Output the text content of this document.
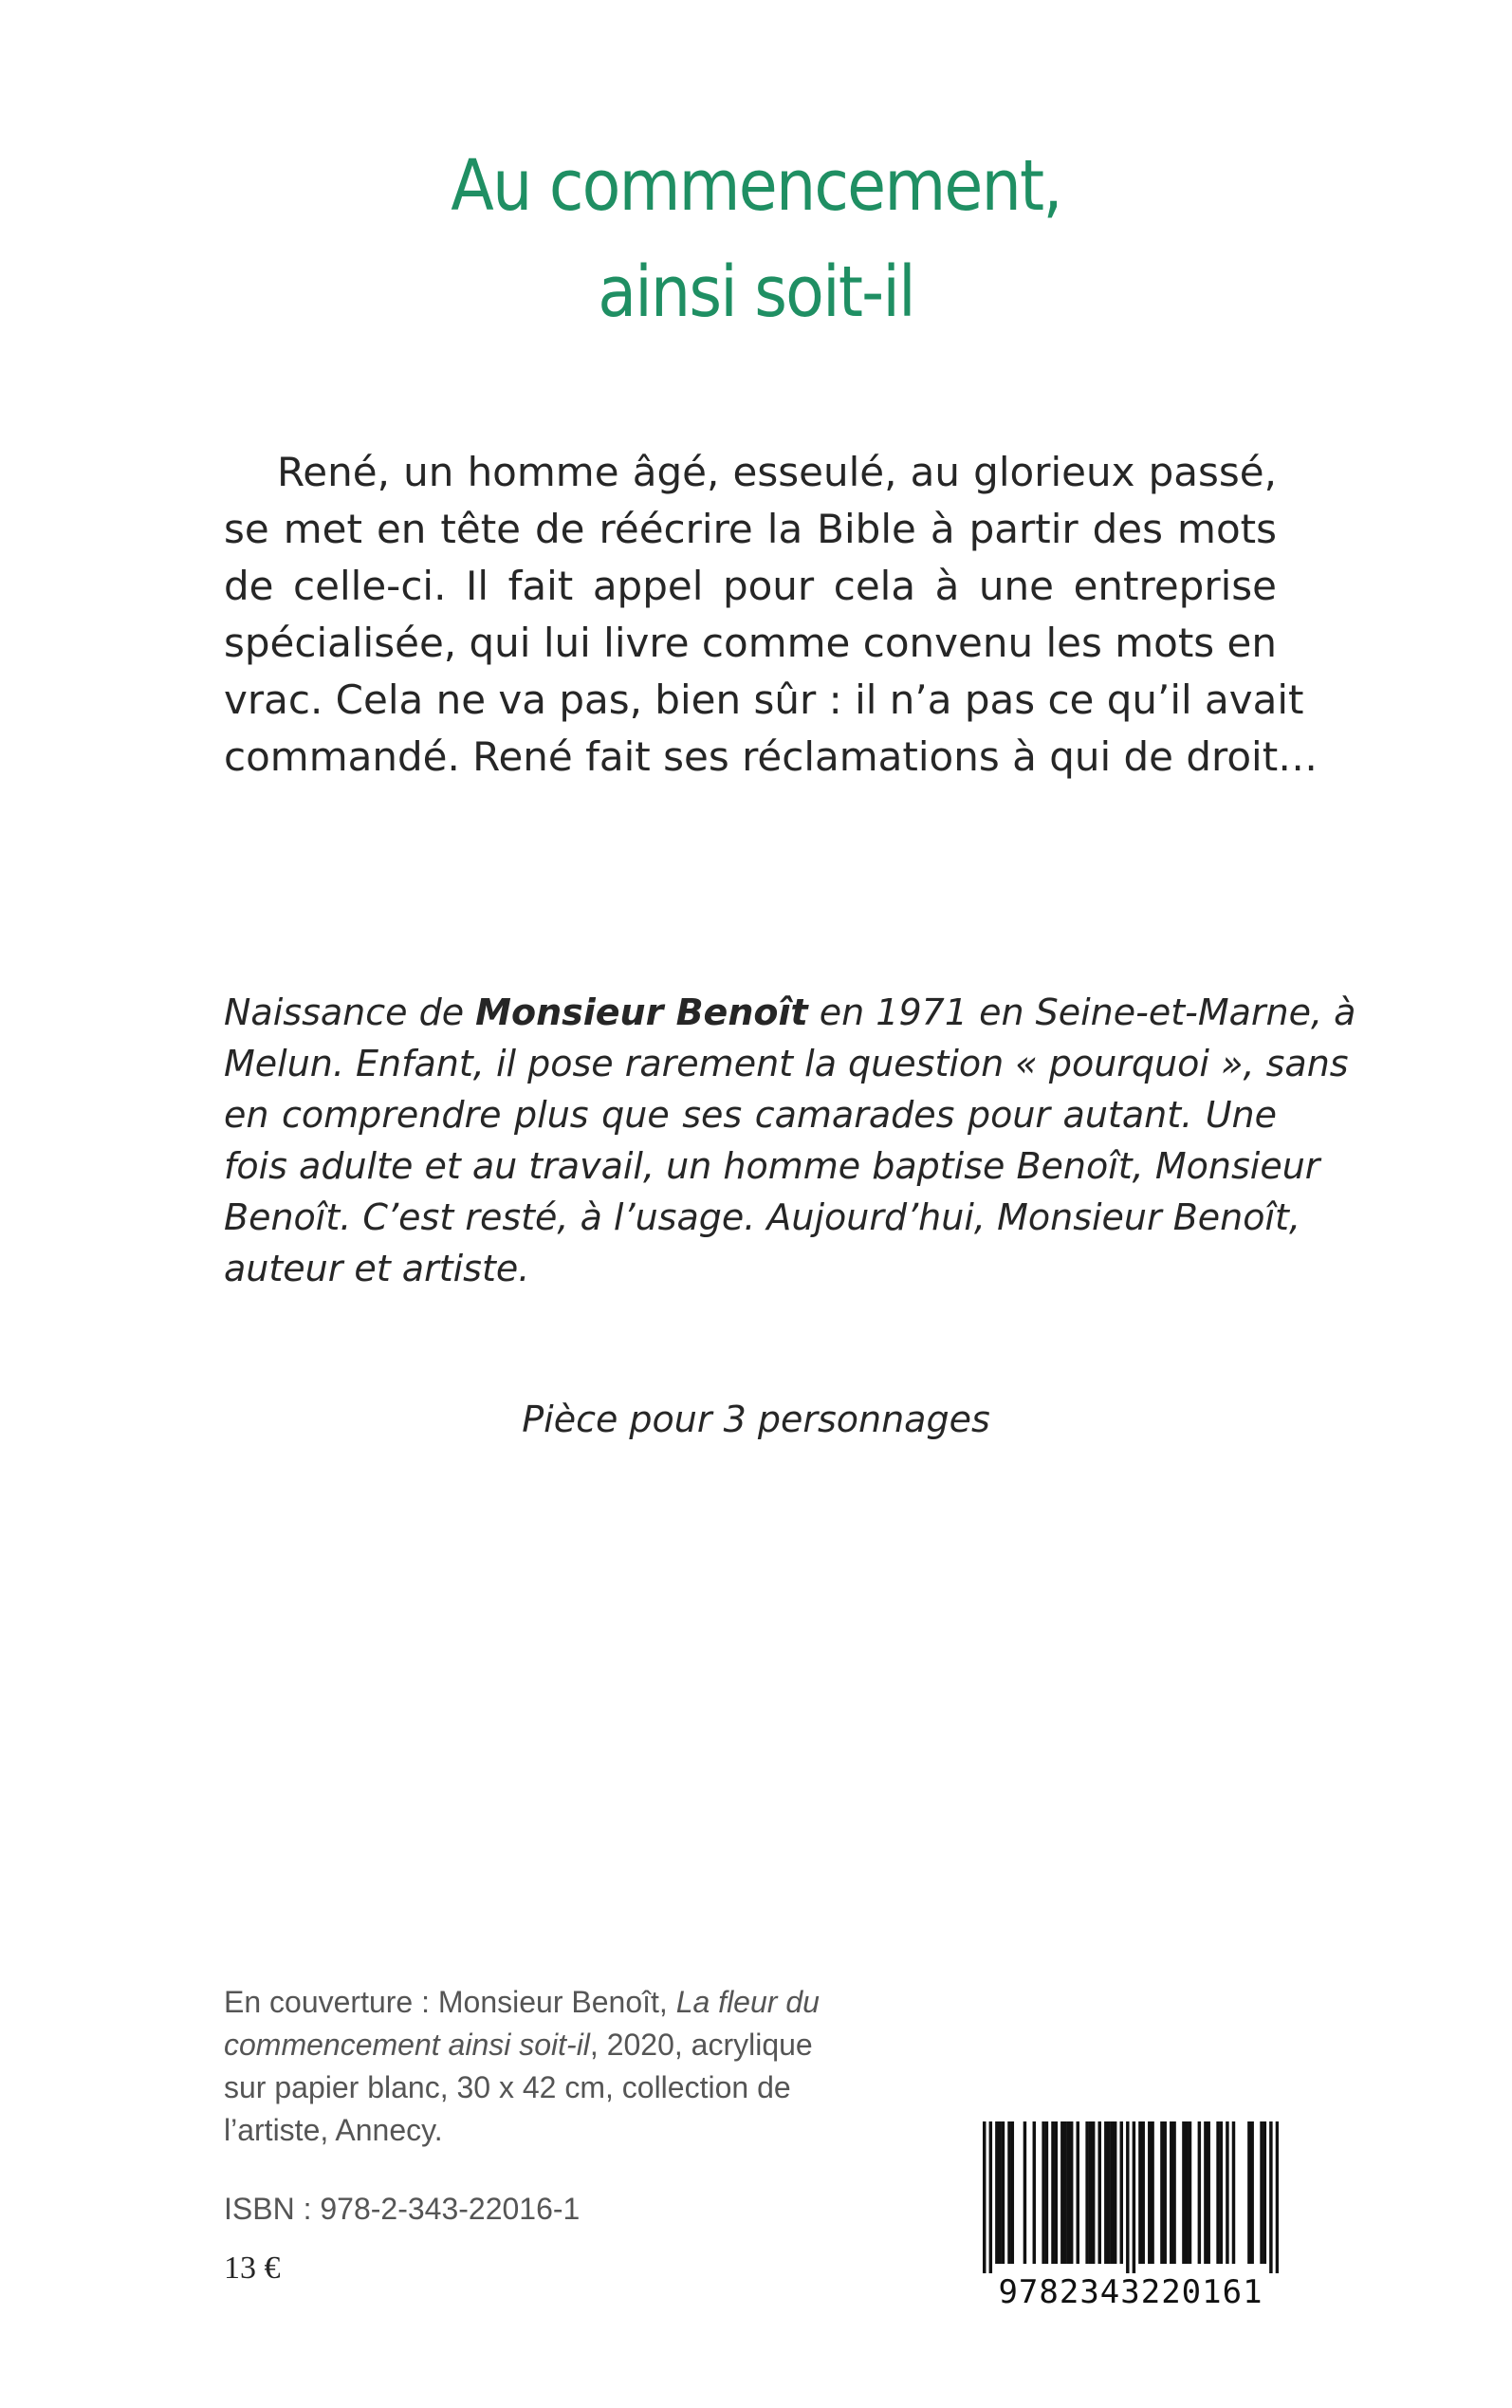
Au commencement,
ainsi soit-il
René, un homme âgé, esseulé, au glorieux passé,
se met en tête de réécrire la Bible à partir des mots
de celle-ci. Il fait appel pour cela à une entreprise
spécialisée, qui lui livre comme convenu les mots en
vrac. Cela ne va pas, bien sûr : il n’a pas ce qu’il avait
commandé. René fait ses réclamations à qui de droit…
Naissance de Monsieur Benoît en 1971 en Seine-et-Marne, à
Melun. Enfant, il pose rarement la question « pourquoi », sans
en comprendre plus que ses camarades pour autant. Une
fois adulte et au travail, un homme baptise Benoît, Monsieur
Benoît. C’est resté, à l’usage. Aujourd’hui, Monsieur Benoît,
auteur et artiste.
Pièce pour 3 personnages
En couverture : Monsieur Benoît, La fleur du
commencement ainsi soit-il, 2020, acrylique
sur papier blanc, 30 x 42 cm, collection de
l’artiste, Annecy.
ISBN : 978-2-343-22016-1
13 €
9782343220161
